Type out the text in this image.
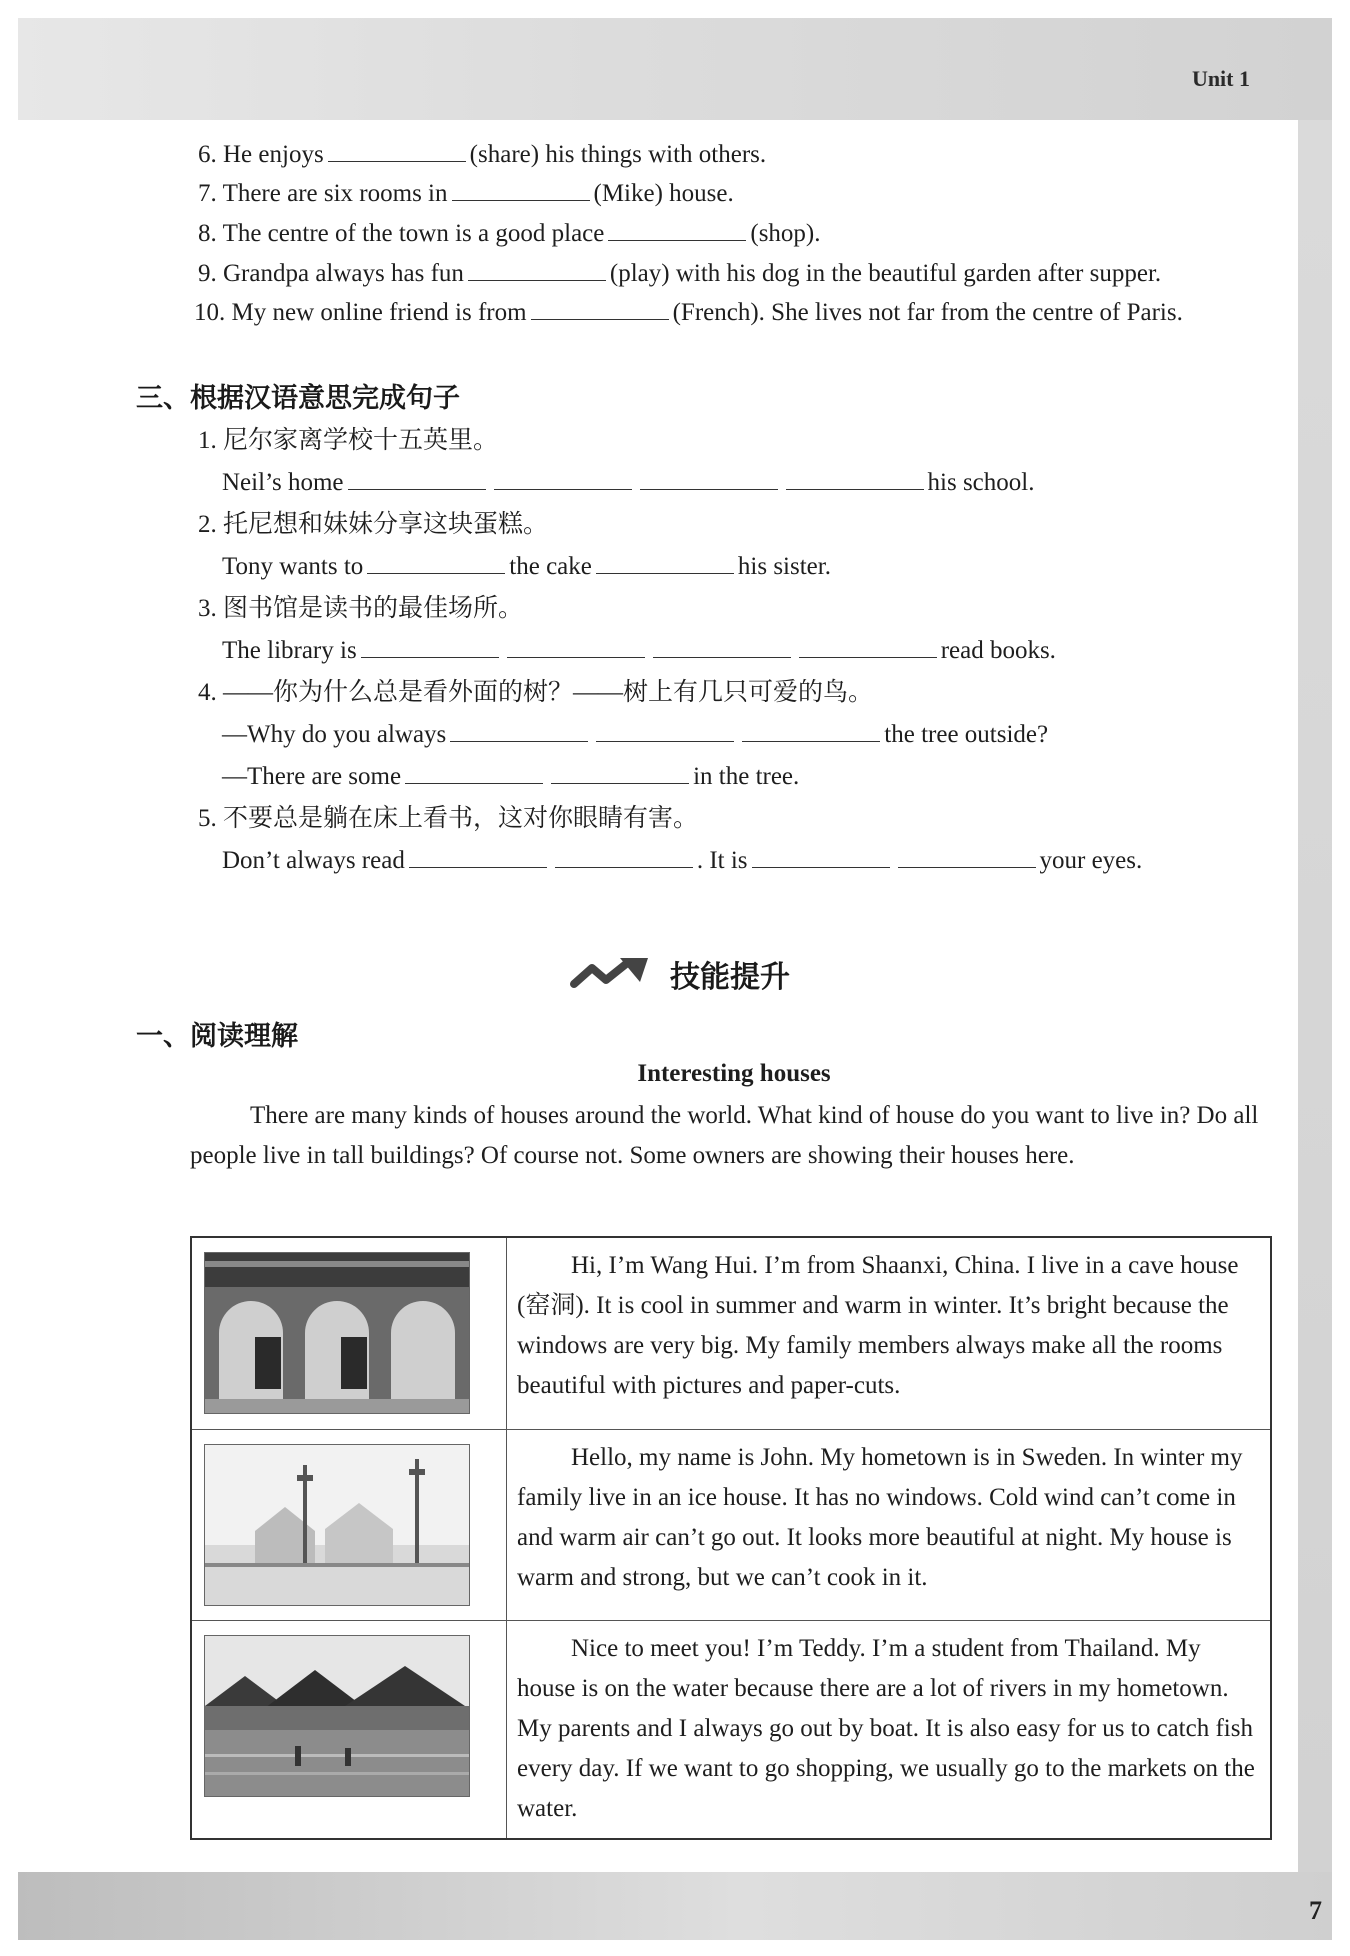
Unit 1
7
6. He enjoys	(share) his things with others.
7. There are six rooms in	(Mike) house.
8. The centre of the town is a good place	(shop).
9. Grandpa always has fun	(play) with his dog in the beautiful garden after supper.
10. My new online friend is from	(French). She lives not far from the centre of Paris.
三、根据汉语意思完成句子
1. 尼尔家离学校十五英里。
Neil’s home	his school.
2. 托尼想和妹妹分享这块蛋糕。
Tony wants to	the cake	his sister.
3. 图书馆是读书的最佳场所。
The library is	read books.
4. ——你为什么总是看外面的树？——树上有几只可爱的鸟。
—Why do you always	the tree outside?
—There are some	in the tree.
5. 不要总是躺在床上看书，这对你眼睛有害。
Don’t always read	. It is	your eyes.
技能提升
一、阅读理解
Interesting houses
There are many kinds of houses around the world. What kind of house do you want to live in? Do all people live in tall buildings? Of course not. Some owners are showing their houses here.
	Hi, I’m Wang Hui. I’m from Shaanxi, China. I live in a cave house (窑洞). It is cool in summer and warm in winter. It’s bright because the windows are very big. My family members always make all the rooms beautiful with pictures and paper-cuts.

	Hello, my name is John. My hometown is in Sweden. In winter my family live in an ice house. It has no windows. Cold wind can’t come in and warm air can’t go out. It looks more beautiful at night. My house is warm and strong, but we can’t cook in it.

	Nice to meet you! I’m Teddy. I’m a student from Thailand. My house is on the water because there are a lot of rivers in my hometown. My parents and I always go out by boat. It is also easy for us to catch fish every day. If we want to go shopping, we usually go to the markets on the water.
